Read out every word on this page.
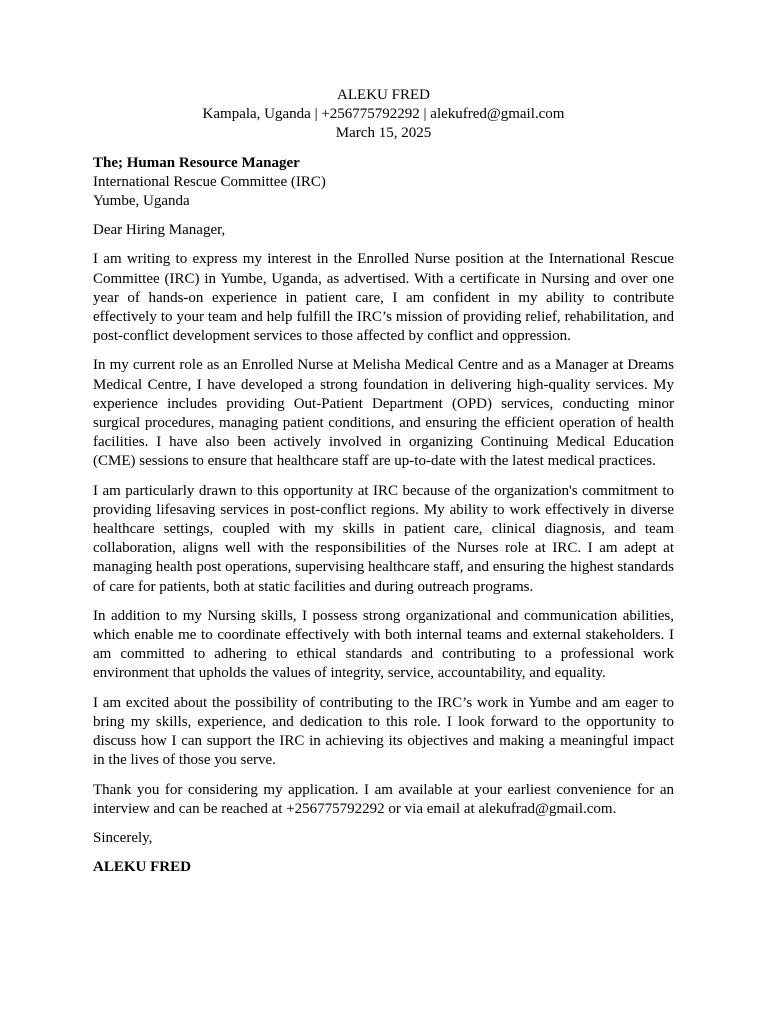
ALEKU FRED
Kampala, Uganda | +256775792292 | alekufred@gmail.com
March 15, 2025
The; Human Resource Manager
International Rescue Committee (IRC)
Yumbe, Uganda
Dear Hiring Manager,
I am writing to express my interest in the Enrolled Nurse position at the International Rescue Committee (IRC) in Yumbe, Uganda, as advertised. With a certificate in Nursing and over one year of hands-on experience in patient care, I am confident in my ability to contribute effectively to your team and help fulfill the IRC’s mission of providing relief, rehabilitation, and post-conflict development services to those affected by conflict and oppression.
In my current role as an Enrolled Nurse at Melisha Medical Centre and as a Manager at Dreams Medical Centre, I have developed a strong foundation in delivering high-quality services. My experience includes providing Out-Patient Department (OPD) services, conducting minor surgical procedures, managing patient conditions, and ensuring the efficient operation of health facilities. I have also been actively involved in organizing Continuing Medical Education (CME) sessions to ensure that healthcare staff are up-to-date with the latest medical practices.
I am particularly drawn to this opportunity at IRC because of the organization's commitment to providing lifesaving services in post-conflict regions. My ability to work effectively in diverse healthcare settings, coupled with my skills in patient care, clinical diagnosis, and team collaboration, aligns well with the responsibilities of the Nurses role at IRC. I am adept at managing health post operations, supervising healthcare staff, and ensuring the highest standards of care for patients, both at static facilities and during outreach programs.
In addition to my Nursing skills, I possess strong organizational and communication abilities, which enable me to coordinate effectively with both internal teams and external stakeholders. I am committed to adhering to ethical standards and contributing to a professional work environment that upholds the values of integrity, service, accountability, and equality.
I am excited about the possibility of contributing to the IRC’s work in Yumbe and am eager to bring my skills, experience, and dedication to this role. I look forward to the opportunity to discuss how I can support the IRC in achieving its objectives and making a meaningful impact in the lives of those you serve.
Thank you for considering my application. I am available at your earliest convenience for an interview and can be reached at +256775792292 or via email at alekufrad@gmail.com.
Sincerely,
ALEKU FRED
